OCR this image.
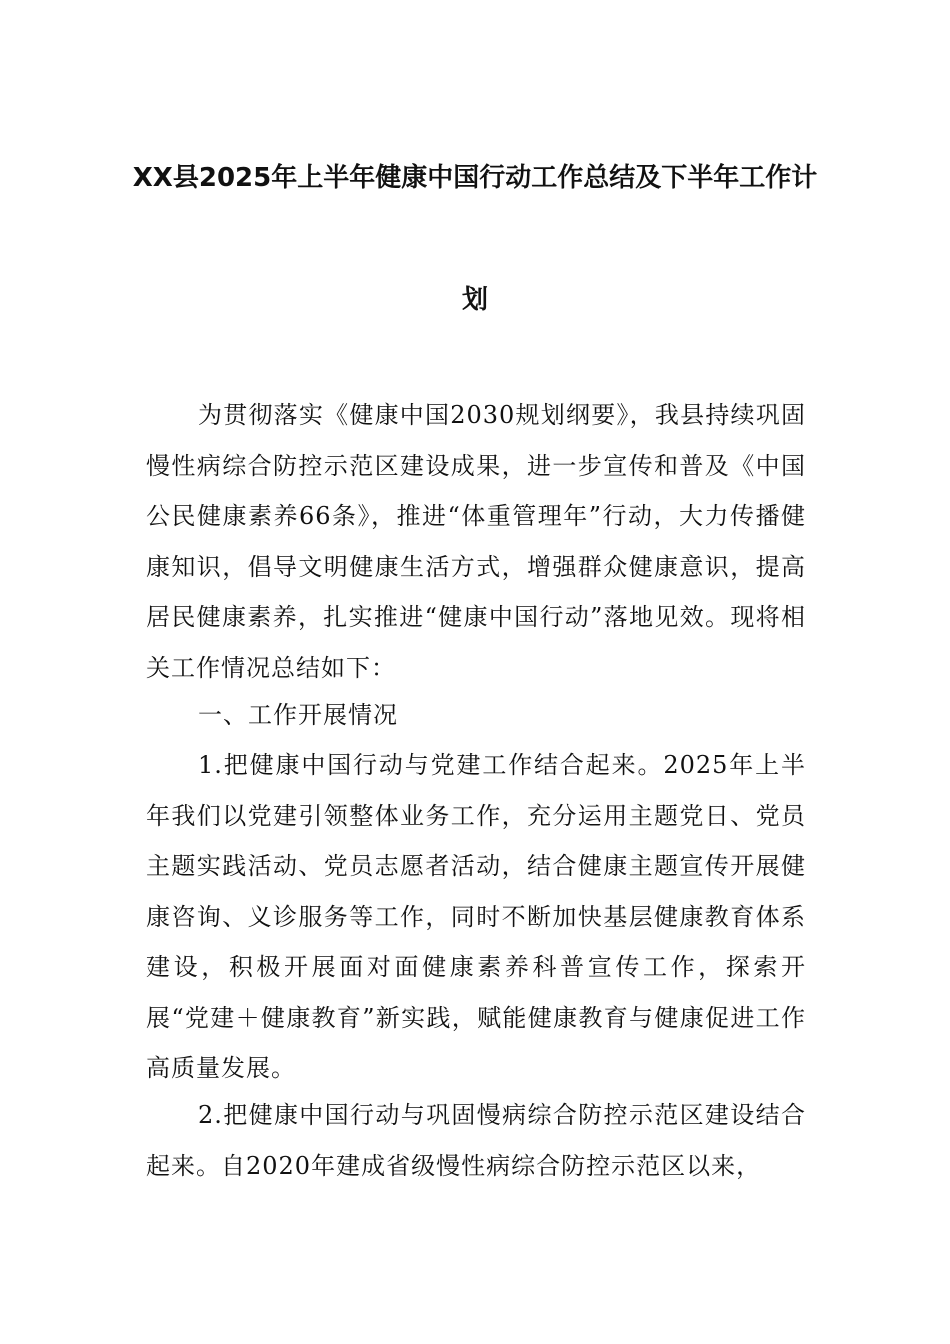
XX县2025年上半年健康中国行动工作总结及下半年工作计
划

为贯彻落实《健康中国2030规划纲要》，我县持续巩固慢性病综合防控示范区建设成果，进一步宣传和普及《中国公民健康素养66条》，推进“体重管理年”行动，大力传播健康知识，倡导文明健康生活方式，增强群众健康意识，提高居民健康素养，扎实推进“健康中国行动”落地见效。现将相关工作情况总结如下：

一、工作开展情况

1.把健康中国行动与党建工作结合起来。2025年上半年我们以党建引领整体业务工作，充分运用主题党日、党员主题实践活动、党员志愿者活动，结合健康主题宣传开展健康咨询、义诊服务等工作，同时不断加快基层健康教育体系建设，积极开展面对面健康素养科普宣传工作，探索开展“党建＋健康教育”新实践，赋能健康教育与健康促进工作高质量发展。

2.把健康中国行动与巩固慢病综合防控示范区建设结合起来。自2020年建成省级慢性病综合防控示范区以来，
